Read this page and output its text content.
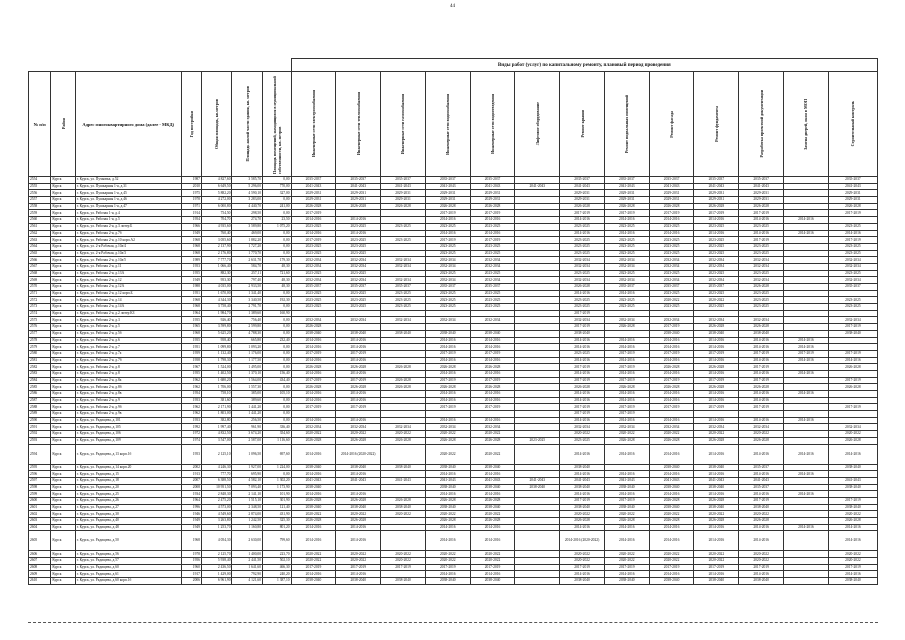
44
							Виды работ (услуг) по капитальному ремонту, плановый период проведения												
№ п/п	Район	Адрес многоквартирного дома (далее - МКД)	Год постройки	Общая площадь, кв.метров	Площадь жилой части здания, кв. метров	Площадь помещений, находящихся в муниципальной собственности, кв. метров	Инженерные сети электроснабжения	Инженерные сети теплоснабжения	Инженерные сети газоснабжения	Инженерные сети водоснабжения	Инженерные сети водоотведения	Лифтовое оборудование	Ремонт крыши	Ремонт подвальных помещений	Ремонт фасада	Ремонт фундамента	Разработка проектной документации	Замена дверей, окон в МОП	Строительный контроль

2554	Курск	г. Курск, ул. Пучковка, д.52	1987	4 827,60	3 585,70	0,00	2035-2037	2035-2037	2035-2037	2035-2037	2035-2037		2035-2037	2035-2037	2035-2037	2035-2037	2035-2037		2035-2037
2555	Курск	г. Курск, ул. Пушкарная 1-я, д.31	2010	6 649,50	5 296,00	770,00	2041-2043	2041-2043	2041-2043	2041-2043	2041-2043	2041-2043	2041-2043	2041-2043	2041-2043	2041-2043	2041-2043		2041-2043
2556	Курск	г. Курск, ул. Пушкарная 1-я, д.45	1975	5 882,20	4 590,10	327,00	2029-2031	2029-2031	2029-2031	2029-2031	2029-2031		2029-2031	2029-2031	2029-2031	2029-2031	2029-2031		2029-2031
2557	Курск	г. Курск, ул. Пушкарная 1-я, д.46	1978	4 272,00	3 283,00	0,00	2029-2031	2029-2031	2029-2031	2029-2031	2029-2031		2029-2031	2029-2031	2029-2031	2029-2031	2029-2031		2029-2031
2558	Курск	г. Курск, ул. Пушкарная 1-я, д.47	1971	6 000,80	4 440,70	241,00	2026-2028	2026-2028	2026-2028	2026-2028	2026-2028		2026-2028	2026-2028	2026-2028	2026-2028	2026-2028		2026-2028
2559	Курск	г. Курск, ул. Рабочая 1-я, д.4	1914	754,50	298,50	0,00	2017-2019			2017-2019	2017-2019		2017-2019	2017-2019	2017-2019	2017-2019	2017-2019		2017-2019
2560	Курск	г. Курск, ул. Рабочая 1-я, д.5	1954	704,70	274,70	23,50	2014-2016	2014-2016		2014-2016	2014-2016		2014-2016	2014-2016	2014-2016	2014-2016	2014-2016	2014-2016	
2561	Курск	г. Курск, ул. Рабочая 2-я, д.3 литер Б	1966	4 935,60	3 589,80	1 075,20	2023-2025	2023-2025	2023-2025	2023-2025	2023-2025		2023-2025	2023-2025	2023-2025	2023-2025	2023-2025		2023-2025
2562	Курск	г. Курск, ул. Рабочая 2-я, д.7б	1949	760,40	469,00	0,00	2014-2016	2014-2016		2014-2016	2014-2016		2014-2016	2014-2016	2014-2016	2014-2016	2014-2016	2014-2016	2014-2016
2563	Курск	г. Курск, ул. Рабочая 2-я, д.10 корп.А2	1968	3 055,60	1 882,20	0,00	2017-2019	2023-2025	2023-2025	2017-2019	2017-2019		2023-2025	2023-2025	2023-2025	2023-2025	2017-2019		2017-2019
2564	Курск	г. Курск, ул. 2-я Рабочая, д.10а/4	1968	2 137,90	1 727,20	0,00	2023-2025	2023-2025		2023-2025	2023-2025		2023-2025	2023-2025	2023-2025	2023-2025	2023-2025		2023-2025
2565	Курск	г. Курск, ул. 2-я Рабочая, д.10а/3	1968	2 176,80	1 770,70	0,00	2023-2025	2023-2025		2023-2025	2023-2025		2023-2025	2023-2025	2023-2025	2023-2025	2023-2025		2023-2025
2566	Курск	г. Курск, ул. Рабочая 2-я, д.10а/5	1989	7 777,70	2 631,70	179,30	2032-2034	2032-2034	2032-2034	2032-2034	2032-2034		2032-2034	2032-2034	2032-2034	2032-2034	2032-2034		2032-2034
2567	Курск	г. Курск, ул. Рабочая 2-я, д.11	1953	1 066,40	584,70	48,30	2032-2034	2032-2034	2032-2034	2032-2034	2032-2034		2032-2034	2032-2034	2032-2034	2032-2034	2032-2034		2032-2034
2568	Курск	г. Курск, ул. Рабочая 2-я, д.13А	1955	882,30	257,11	721,60	2023-2025	2023-2025		2023-2025	2023-2025		2023-2025	2023-2025	2023-2025	2023-2025	2023-2025		2023-2025
2569	Курск	г. Курск, ул. Рабочая 2-я, д.12	1949	953,30	797,40	48,30	2032-2034	2032-2034	2032-2034	2032-2034	2032-2034		2032-2034	2032-2034	2032-2034	2032-2034	2032-2034		2032-2034
2570	Курск	г. Курск, ул. Рабочая 2-я, д.12А	1988	4 035,00	2 933,50	48,30	2035-2037	2035-2037	2035-2037	2035-2037	2035-2037		2026-2028	2035-2037	2035-2037	2035-2037	2026-2028		2035-2037
2571	Курск	г. Курск, ул. Рабочая 2-я, д.12 корп.Б	1951	1 670,00	1 341,40	0,00	2023-2025	2023-2025	2023-2025	2023-2025	2023-2025		2014-2016	2014-2016	2023-2025	2023-2025	2023-2025		
2572	Курск	г. Курск, ул. Рабочая 2-я, д.14	1968	4 344,30	3 340,50	192,30	2023-2025	2023-2025	2023-2025	2023-2025	2023-2025		2023-2025	2023-2025	2020-2022	2020-2022	2023-2025		2023-2025
2573	Курск	г. Курск, ул. Рабочая 2-я, д.14А	1968	3 758,40	2 791,70	0,00	2023-2025	2023-2025	2023-2025	2023-2025	2023-2025		2023-2025	2023-2025	2023-2025	2023-2025	2023-2025		2023-2025
2574	Курск	г. Курск, ул. Рабочая 2-я, д.2 литер КЗ	1964	1 984,70	1 389,60	160,90							2017-2019						
2575	Курск	г. Курск, ул. Рабочая 2-я, д.3	1955	926,40	756,40	0,00	2032-2034	2032-2034	2032-2034	2032-2034	2032-2034		2032-2034	2032-2034	2032-2034	2032-2034	2032-2034		2032-2034
2576	Курск	г. Курск, ул. Рабочая 2-я, д.5	1965	3 599,80	2 599,80	0,00	2026-2028						2017-2019	2026-2028	2017-2019	2026-2028	2026-2028		2017-2019
2577	Курск	г. Курск, ул. Рабочая 2-я, д.5б	1968	5 625,20	4 788,30	0,00	2038-2040	2038-2040	2038-2040	2038-2040	2038-2040		2038-2040		2038-2040	2038-2040	2038-2040		2038-2040
2578	Курск	г. Курск, ул. Рабочая 2-я, д.6	1955	958,40	665,80	232,40	2014-2016	2014-2016		2014-2016	2014-2016		2014-2016	2014-2016	2014-2016	2014-2016	2014-2016	2014-2016	
2579	Курск	г. Курск, ул. Рабочая 2-я, д.7	1951	1 099,80	1 093,20	0,00	2014-2016	2014-2016		2014-2016	2014-2016		2014-2016	2014-2016	2014-2016	2014-2016	2014-2016	2014-2016	
2580	Курск	г. Курск, ул. Рабочая 2-я, д.7а	1959	1 132,40	1 176,00	0,00	2017-2019	2017-2019		2017-2019	2017-2019		2023-2025	2017-2019	2017-2019	2017-2019	2017-2019	2017-2019	2017-2019
2581	Курск	г. Курск, ул. Рабочая 2-я, д.7б	1958	1 798,30	1 177,50	0,00	2014-2016	2014-2016		2014-2016	2014-2016		2014-2016	2014-2016	2014-2016	2014-2016	2014-2016	2014-2016	2014-2016
2582	Курск	г. Курск, ул. Рабочая 2-я, д.8	1967	1 524,00	1 495,00	0,00	2026-2028	2026-2028	2026-2028	2026-2028	2026-2028		2017-2019	2017-2019	2026-2028	2026-2028	2017-2019		2026-2028
2583	Курск	г. Курск, ул. Рабочая 2-я, д.8	1955	1 402,50	1 370,10	156,40	2014-2016	2014-2016		2014-2016	2014-2016		2014-2016	2014-2016	2014-2016	2014-2016	2014-2016	2014-2016	
2584	Курск	г. Курск, ул. Рабочая 2-я, д.8а	1962	1 680,20	1 564,00	434,40	2017-2019	2017-2019	2026-2028	2017-2019	2017-2019		2017-2019	2017-2019	2017-2019	2017-2019	2017-2019		2017-2019
2585	Курск	г. Курск, ул. Рабочая 2-я, д.8б	1962	1 706,00	1 557,30	0,00	2026-2028	2026-2028	2026-2028	2026-2028	2026-2028		2026-2028	2026-2028	2026-2028	2026-2028	2026-2028		2026-2028
2586	Курск	г. Курск, ул. Рабочая 2-я, д.8в	1954	758,10	385,00	105,10	2014-2016	2014-2016		2014-2016	2014-2016		2014-2016	2014-2016	2014-2016	2014-2016	2014-2016	2014-2016	
2587	Курск	г. Курск, ул. Рабочая 2-я, д.9	1953	381,60	389,60	0,00	2014-2016	2014-2016		2014-2016	2014-2016		2014-2016	2014-2016	2014-2016	2014-2016	2014-2016		
2588	Курск	г. Курск, ул. Рабочая 2-я, д.9б	1962	2 171,90	1 441,20	0,00	2017-2019	2017-2019		2017-2019	2017-2019		2017-2019	2017-2019	2017-2019	2017-2019	2017-2019		2017-2019
2589	Курск	г. Курск, ул. Рабочая 2-я, д.9в	1962	1 803,00	1 441,20	0,00							2017-2019	2017-2019					
2590	Курск	г. Курск, ул. Радищева, д.101	1953	382,80	256,50	0,00	2014-2016	2014-2016		2014-2016	2014-2016		2014-2016	2014-2016	2014-2016	2014-2016	2014-2016	2014-2016	
2591	Курск	г. Курск, ул. Радищева, д.105	1992	1 997,40	961,90	336,40	2032-2034	2032-2034	2032-2034	2032-2034	2032-2034		2032-2034	2032-2034	2032-2034	2032-2034	2032-2034		2032-2034
2592	Курск	г. Курск, ул. Радищева, д.106	1972	4 832,50	3 674,20	354,60	2020-2022	2020-2022	2020-2022	2020-2022	2020-2022		2020-2022	2020-2022	2020-2022	2020-2022	2020-2022		2020-2022
2593	Курск	г. Курск, ул. Радищева, д.109	1974	3 547,00	2 587,00	1 116,60	2026-2028	2026-2028	2026-2028	2026-2028	2026-2028	2023-2025	2023-2025	2026-2028	2026-2028	2026-2028	2026-2028		2026-2028
2594	Курск	г. Курск, ул. Радищева, д.13 корп.1б	1953	2 125,10	1 096,50	697,60	2014-2016	2014-2016 (2020-2022)		2020-2022	2020-2022		2014-2016	2014-2016	2014-2016	2014-2016	2014-2016	2014-2016	2014-2016
2595	Курск	г. Курск, ул. Радищева, д.14 корп.20	2002	4 246,30	1 927,00	1 224,00	2038-2040	2038-2040	2038-2040	2038-2040	2038-2040		2038-2040		2038-2040	2038-2040	2035-2037		2038-2040
2596	Курск	г. Курск, ул. Радищева, д.15	1913	777,70	695,90	0,00	2014-2016	2014-2016		2014-2016	2014-2016		2014-2016	2014-2016	2014-2016	2014-2016	2014-2016	2014-2016	
2597	Курск	г. Курск, ул. Радищева, д.18	2007	6 388,50	4 582,10	1 302,20	2041-2043	2041-2043	2041-2043	2041-2043	2041-2043	2041-2043	2041-2043	2041-2043	2041-2043	2041-2043	2041-2043		2041-2043
2598	Курск	г. Курск, ул. Радищева, д.20	2008	10 951,50	7 093,40	1 173,90	2038-2040			2038-2040	2038-2040	2038-2040	2038-2040	2038-2040	2038-2040	2038-2040	2035-2037		2038-2040
2599	Курск	г. Курск, ул. Радищева, д.25	1934	2 848,30	2 141,10	101,90	2014-2016	2014-2016		2014-2016	2014-2016		2014-2016	2014-2016	2014-2016	2014-2016	2014-2016	2014-2016	
2600	Курск	г. Курск, ул. Радищева, д.26	1964	2 475,20	1 515,10	301,90	2026-2028	2026-2028	2026-2028	2026-2028	2026-2028		2017-2019	2017-2019	2026-2028	2026-2028	2017-2019		2017-2019
2601	Курск	г. Курск, ул. Радищева, д.27	1996	4 573,00	2 348,50	121,40	2038-2040	2038-2040	2038-2040	2038-2040	2038-2040		2038-2040	2038-2040	2038-2040	2038-2040	2038-2040		2038-2040
2602	Курск	г. Курск, ул. Радищева, д.30	1946	4 549,60	2 874,00	431,90	2020-2022	2020-2022	2020-2022	2020-2022	2020-2022		2020-2022	2020-2022	2020-2022	2020-2022	2020-2022		2020-2022
2603	Курск	г. Курск, ул. Радищева, д.40	1949	3 263,80	1 242,50	325,30	2026-2028	2026-2028		2026-2028	2026-2028		2026-2028	2026-2028	2026-2028	2026-2028	2026-2028		2026-2028
2604	Курск	г. Курск, ул. Радищева, д.48	1949	1 253,70	1 160,80	801,20	2014-2016	2014-2016		2014-2016	2014-2016		2014-2016	2014-2016	2014-2016	2014-2016	2014-2016	2014-2016	2014-2016
2605	Курск	г. Курск, ул. Радищева, д.50	1968	4 054,30	2 630,00	799,60	2014-2016	2014-2016		2014-2016	2014-2016		2014-2016 (2020-2022)	2014-2016	2014-2016	2014-2016	2014-2016		2014-2016
2606	Курск	г. Курск, ул. Радищева, д.56	1978	2 125,70	1 400,00	223,70	2020-2022	2020-2022	2020-2022	2020-2022	2020-2022		2020-2022	2020-2022	2020-2022	2020-2022	2020-2022		2020-2022
2607	Курск	г. Курск, ул. Радищева, д.57	1956	5 938,40	2 441,50	502,10	2020-2022	2020-2022	2020-2022	2020-2022	2020-2022		2020-2022	2020-2022	2020-2022	2020-2022	2020-2022		2020-2022
2608	Курск	г. Курск, ул. Радищева, д.60	1960	2 436,50	1 641,60	466,30	2017-2019	2017-2019	2017-2019	2017-2019	2017-2019		2017-2019	2017-2019	2017-2019	2017-2019	2017-2019		2017-2019
2609	Курск	г. Курск, ул. Радищева, д.61	1917	1 429,00	792,90	240,20	2014-2016	2014-2016		2014-2016	2014-2016		2014-2016	2014-2016	2014-2016	2014-2016	2014-2016		2014-2016
2610	Курск	г. Курск, ул. Радищева, д.60 корп.1б	2006	6 961,90	4 121,60	1 387,10	2038-2040	2038-2040	2038-2040	2038-2040	2038-2040		2038-2040	2038-2040	2038-2040	2038-2040	2038-2040		2038-2040
